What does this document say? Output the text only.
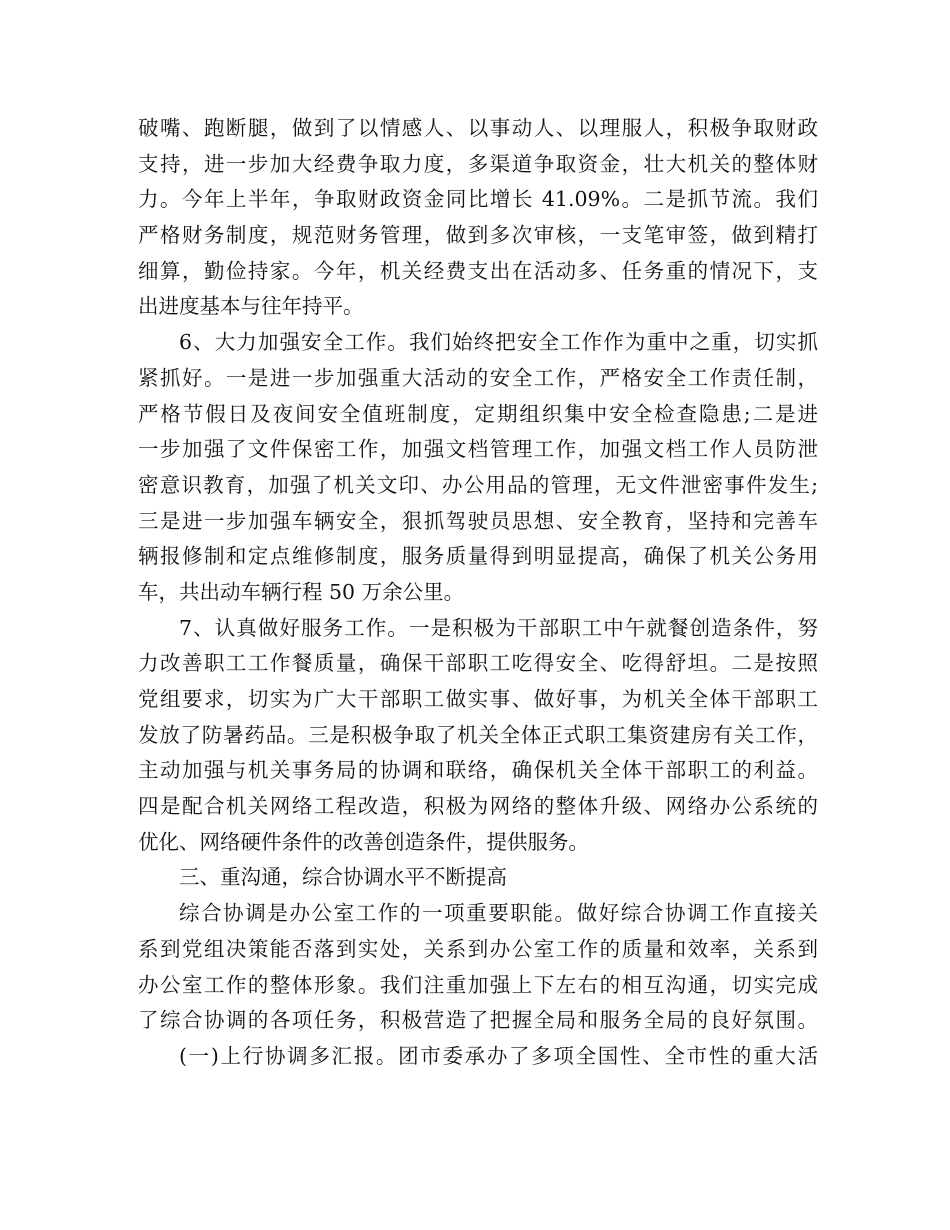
破嘴、跑断腿，做到了以情感人、以事动人、以理服人，积极争取财政
支持，进一步加大经费争取力度，多渠道争取资金，壮大机关的整体财
力。今年上半年，争取财政资金同比增长 41.09%。二是抓节流。我们
严格财务制度，规范财务管理，做到多次审核，一支笔审签，做到精打
细算，勤俭持家。今年，机关经费支出在活动多、任务重的情况下，支
出进度基本与往年持平。
6、大力加强安全工作。我们始终把安全工作作为重中之重，切实抓
紧抓好。一是进一步加强重大活动的安全工作，严格安全工作责任制，
严格节假日及夜间安全值班制度，定期组织集中安全检查隐患;二是进
一步加强了文件保密工作，加强文档管理工作，加强文档工作人员防泄
密意识教育，加强了机关文印、办公用品的管理，无文件泄密事件发生;
三是进一步加强车辆安全，狠抓驾驶员思想、安全教育，坚持和完善车
辆报修制和定点维修制度，服务质量得到明显提高，确保了机关公务用
车，共出动车辆行程 50 万余公里。
7、认真做好服务工作。一是积极为干部职工中午就餐创造条件，努
力改善职工工作餐质量，确保干部职工吃得安全、吃得舒坦。二是按照
党组要求，切实为广大干部职工做实事、做好事，为机关全体干部职工
发放了防暑药品。三是积极争取了机关全体正式职工集资建房有关工作，
主动加强与机关事务局的协调和联络，确保机关全体干部职工的利益。
四是配合机关网络工程改造，积极为网络的整体升级、网络办公系统的
优化、网络硬件条件的改善创造条件，提供服务。
三、重沟通，综合协调水平不断提高
综合协调是办公室工作的一项重要职能。做好综合协调工作直接关
系到党组决策能否落到实处，关系到办公室工作的质量和效率，关系到
办公室工作的整体形象。我们注重加强上下左右的相互沟通，切实完成
了综合协调的各项任务，积极营造了把握全局和服务全局的良好氛围。
(一)上行协调多汇报。团市委承办了多项全国性、全市性的重大活
